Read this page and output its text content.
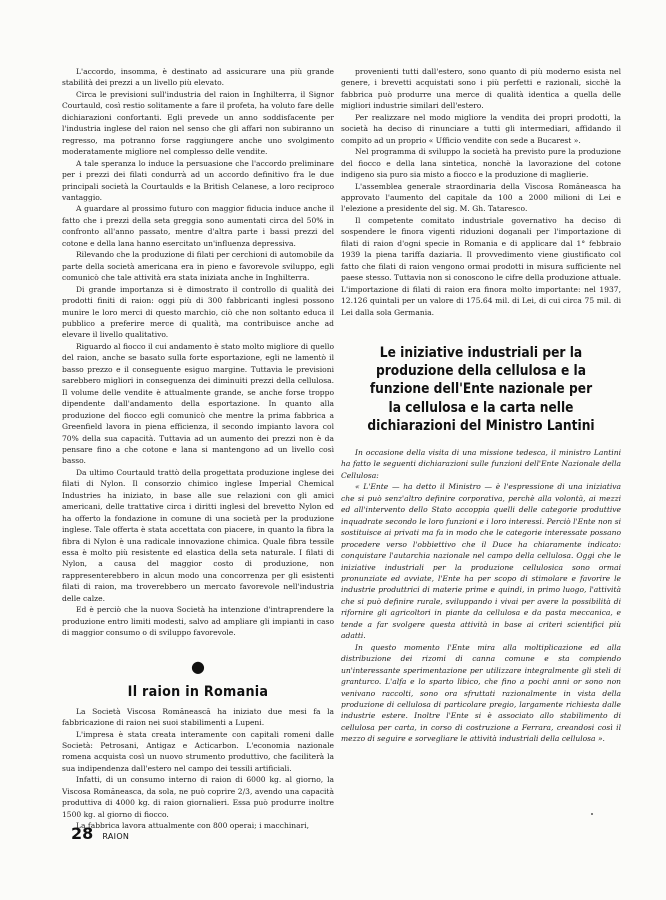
L'accordo, insomma, è destinato ad assicurare una più grande stabilità dei prezzi a un livello più elevato.

Circa le previsioni sull'industria del raion in Inghilterra, il Signor Courtauld, così restio solitamente a fare il profeta, ha voluto fare delle dichiarazioni confortanti. Egli prevede un anno soddisfacente per l'industria inglese del raion nel senso che gli affari non subiranno un regresso, ma potranno forse raggiungere anche uno svolgimento moderatamente migliore nel complesso delle vendite.

A tale speranza lo induce la persuasione che l'accordo preliminare per i prezzi dei filati condurrà ad un accordo definitivo fra le due principali società la Courtaulds e la British Celanese, a loro reciproco vantaggio.

A guardare al prossimo futuro con maggior fiducia induce anche il fatto che i prezzi della seta greggia sono aumentati circa del 50% in confronto all'anno passato, mentre d'altra parte i bassi prezzi del cotone e della lana hanno esercitato un'influenza depressiva.

Rilevando che la produzione di filati per cerchioni di automobile da parte della società americana era in pieno e favorevole sviluppo, egli comunicò che tale attività era stata iniziata anche in Inghilterra.

Di grande importanza si è dimostrato il controllo di qualità dei prodotti finiti di raion: oggi più di 300 fabbricanti inglesi possono munire le loro merci di questo marchio, ciò che non soltanto educa il pubblico a preferire merce di qualità, ma contribuisce anche ad elevare il livello qualitativo.

Riguardo al fiocco il cui andamento è stato molto migliore di quello del raion, anche se basato sulla forte esportazione, egli ne lamentò il basso prezzo e il conseguente esiguo margine. Tuttavia le previsioni sarebbero migliori in conseguenza dei diminuiti prezzi della cellulosa. Il volume delle vendite è attualmente grande, se anche forse troppo dipendente dall'andamento della esportazione. In quanto alla produzione del fiocco egli comunicò che mentre la prima fabbrica a Greenfield lavora in piena efficienza, il secondo impianto lavora col 70% della sua capacità. Tuttavia ad un aumento dei prezzi non è da pensare fino a che cotone e lana si mantengono ad un livello così basso.

Da ultimo Courtauld trattò della progettata produzione inglese dei filati di Nylon. Il consorzio chimico inglese Imperial Chemical Industries ha iniziato, in base alle sue relazioni con gli amici americani, delle trattative circa i diritti inglesi del brevetto Nylon ed ha offerto la fondazione in comune di una società per la produzione inglese. Tale offerta è stata accettata con piacere, in quanto la fibra la fibra di Nylon è una radicale innovazione chimica. Quale fibra tessile essa è molto più resistente ed elastica della seta naturale. I filati di Nylon, a causa del maggior costo di produzione, non rappresenterebbero in alcun modo una concorrenza per gli esistenti filati di raion, ma troverebbero un mercato favorevole nell'industria delle calze.

Ed è perciò che la nuova Società ha intenzione d'intraprendere la produzione entro limiti modesti, salvo ad ampliare gli impianti in caso di maggior consumo o di sviluppo favorevole.

●
Il raion in Romania

La Società Viscosa Romănească ha iniziato due mesi fa la fabbricazione di raion nei suoi stabilimenti a Lupeni.

L'impresa è stata creata interamente con capitali romeni dalle Società: Petrosani, Antigaz e Acticarbon. L'economia nazionale romena acquista così un nuovo strumento produttivo, che faciliterà la sua indipendenza dall'estero nel campo dei tessili artificiali.

Infatti, di un consumo interno di raion di 6000 kg. al giorno, la Viscosa Romăneasca, da sola, ne può coprire 2/3, avendo una capacità produttiva di 4000 kg. di raion giornalieri. Essa può produrre inoltre 1500 kg. al giorno di fiocco.

La fabbrica lavora attualmente con 800 operai; i macchinari,

provenienti tutti dall'estero, sono quanto di più moderno esista nel genere, i brevetti acquistati sono i più perfetti e razionali, sicchè la fabbrica può produrre una merce di qualità identica a quella delle migliori industrie similari dell'estero.

Per realizzare nel modo migliore la vendita dei propri prodotti, la società ha deciso di rinunciare a tutti gli intermediari, affidando il compito ad un proprio « Ufficio vendite con sede a Bucarest ».

Nel programma di sviluppo la società ha previsto pure la produzione del fiocco e della lana sintetica, nonchè la lavorazione del cotone indigeno sia puro sia misto a fiocco e la produzione di maglierie.

L'assemblea generale straordinaria della Viscosa Romăneasca ha approvato l'aumento del capitale da 100 a 2000 milioni di Lei e l'elezione a presidente del sig. M. Gh. Tataresco.

Il competente comitato industriale governativo ha deciso di sospendere le finora vigenti riduzioni doganali per l'importazione di filati di raion d'ogni specie in Romania e di applicare dal 1° febbraio 1939 la piena tariffa daziaria. Il provvedimento viene giustificato col fatto che filati di raion vengono ormai prodotti in misura sufficiente nel paese stesso. Tuttavia non si conoscono le cifre della produzione attuale. L'importazione di filati di raion era finora molto importante: nel 1937, 12.126 quintali per un valore di 175.64 mil. di Lei, di cui circa 75 mil. di Lei dalla sola Germania.

Le iniziative industriali per la produzione della cellulosa e la funzione dell'Ente nazionale per la cellulosa e la carta nelle dichiarazioni del Ministro Lantini

In occasione della visita di una missione tedesca, il ministro Lantini ha fatto le seguenti dichiarazioni sulle funzioni dell'Ente Nazionale della Cellulosa:

« L'Ente — ha detto il Ministro — è l'espressione di una iniziativa che si può senz'altro definire corporativa, perchè alla volontà, ai mezzi ed all'intervento dello Stato accoppia quelli delle categorie produttive inquadrate secondo le loro funzioni e i loro interessi. Perciò l'Ente non si sostituisce ai privati ma fa in modo che le categorie interessate possano procedere verso l'obbiettivo che il Duce ha chiaramente indicato: conquistare l'autarchia nazionale nel campo della cellulosa. Oggi che le iniziative industriali per la produzione cellulosica sono ormai pronunziate ed avviate, l'Ente ha per scopo di stimolare e favorire le industrie produttrici di materie prime e quindi, in primo luogo, l'attività che si può definire rurale, sviluppando i vivai per avere la possibilità di rifornire gli agricoltori in piante da cellulosa e da pasta meccanica, e tende a far svolgere questa attività in base ai criteri scientifici più adatti.

In questo momento l'Ente mira alla moltiplicazione ed alla distribuzione dei rizomi di canna comune e sta compiendo un'interessante sperimentazione per utilizzare integralmente gli steli di granturco. L'alfa e lo sparto libico, che fino a pochi anni or sono non venivano raccolti, sono ora sfruttati razionalmente in vista della produzione di cellulosa di particolare pregio, largamente richiesta dalle industrie estere. Inoltre l'Ente si è associato allo stabilimento di cellulosa per carta, in corso di costruzione a Ferrara, creandosi così il mezzo di seguire e sorvegliare le attività industriali della cellulosa ».

28 RAION
